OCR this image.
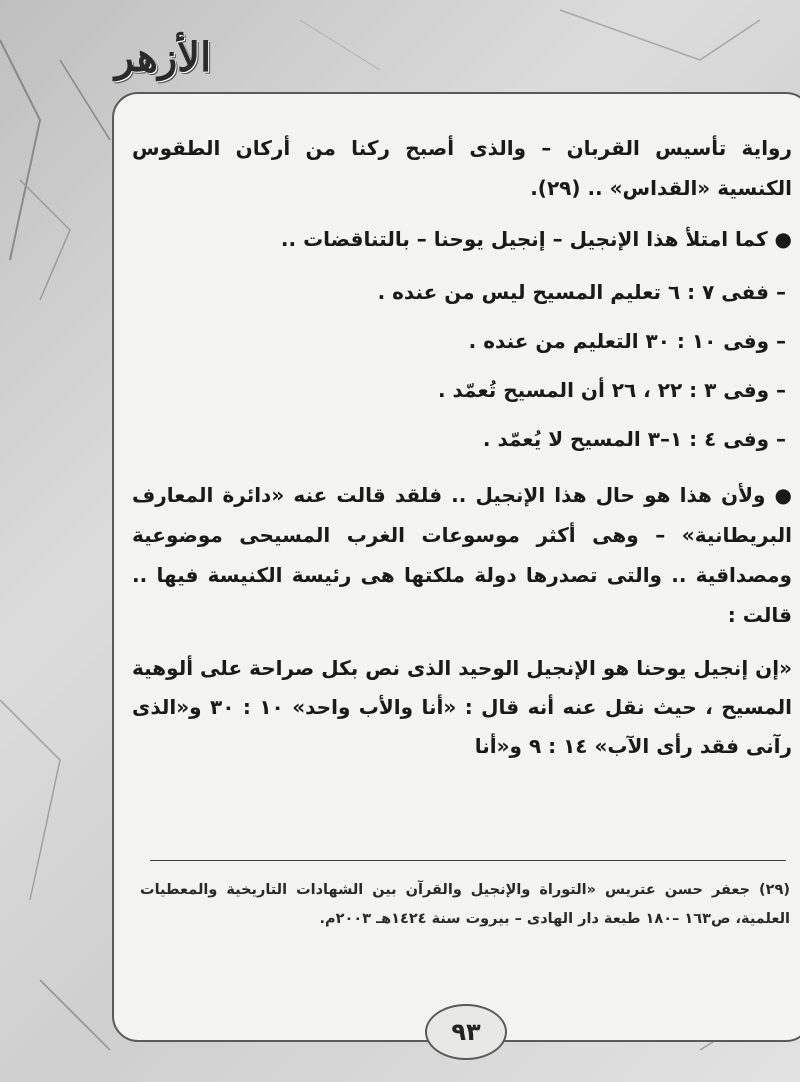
الأزهر

رواية تأسيس القربان – والذى أصبح ركنا من أركان الطقوس الكنسية «القداس» .. (٢٩).

● كما امتلأ هذا الإنجيل – إنجيل يوحنا – بالتناقضات ..

– ففى ٧ : ٦ تعليم المسيح ليس من عنده .

– وفى ١٠ : ٣٠ التعليم من عنده .

– وفى ٣ : ٢٢ ، ٢٦ أن المسيح تُعمّد .

– وفى ٤ : ١–٣ المسيح لا يُعمّد .

● ولأن هذا هو حال هذا الإنجيل .. فلقد قالت عنه «دائرة المعارف البريطانية» – وهى أكثر موسوعات الغرب المسيحى موضوعية ومصداقية .. والتى تصدرها دولة ملكتها هى رئيسة الكنيسة فيها .. قالت :

«إن إنجيل يوحنا هو الإنجيل الوحيد الذى نص بكل صراحة على ألوهية المسيح ، حيث نقل عنه أنه قال : «أنا والأب واحد» ١٠ : ٣٠ و«الذى رآنى فقد رأى الآب» ١٤ : ٩ و«أنا

(٢٩) جعفر حسن عتريس «التوراة والإنجيل والقرآن بين الشهادات التاريخية والمعطيات العلمية، ص١٦٣ –١٨٠ طبعة دار الهادى – بيروت سنة ١٤٢٤هـ ٢٠٠٣م.
٩٣
